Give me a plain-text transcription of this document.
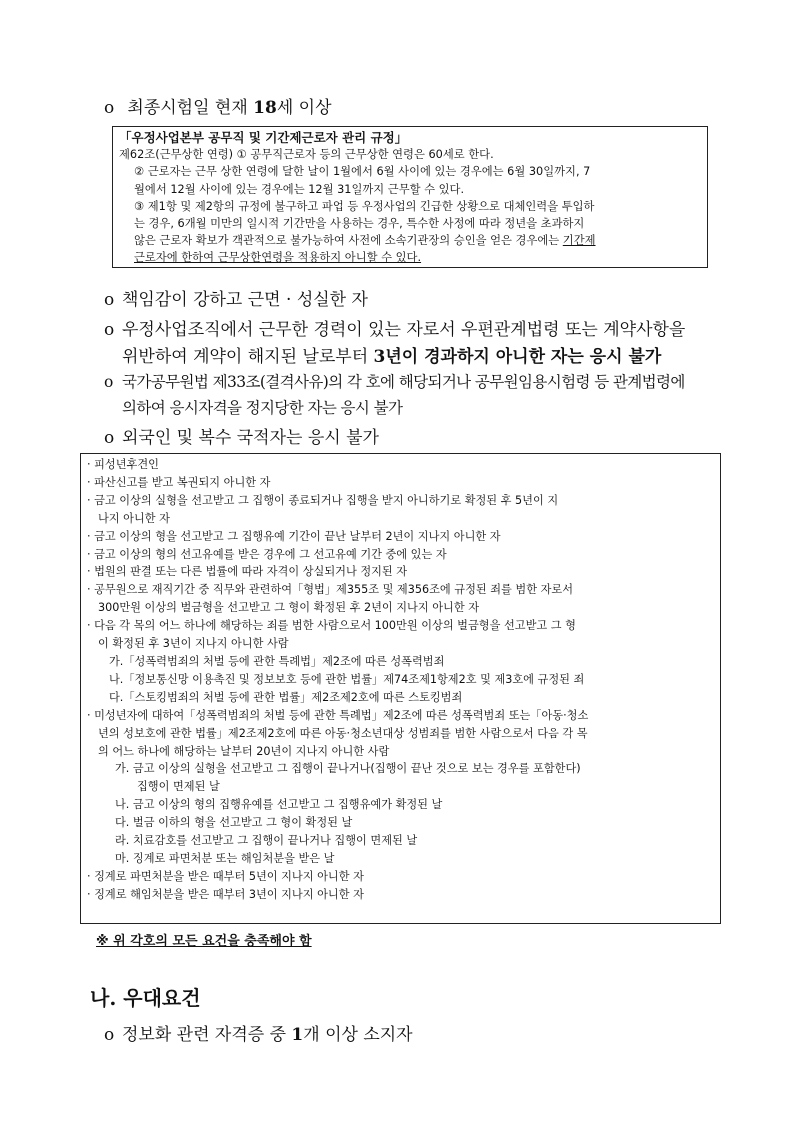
o 최종시험일 현재 18세 이상
「우정사업본부 공무직 및 기간제근로자 관리 규정」
제62조(근무상한 연령) ① 공무직근로자 등의 근무상한 연령은 60세로 한다.
② 근로자는 근무 상한 연령에 달한 날이 1월에서 6월 사이에 있는 경우에는 6월 30일까지, 7
월에서 12월 사이에 있는 경우에는 12월 31일까지 근무할 수 있다.
③ 제1항 및 제2항의 규정에 불구하고 파업 등 우정사업의 긴급한 상황으로 대체인력을 투입하
는 경우, 6개월 미만의 일시적 기간만을 사용하는 경우, 특수한 사정에 따라 정년을 초과하지
않은 근로자 확보가 객관적으로 불가능하여 사전에 소속기관장의 승인을 얻은 경우에는 기간제
근로자에 한하여 근무상한연령을 적용하지 아니할 수 있다.
o 책임감이 강하고 근면 · 성실한 자
o 우정사업조직에서 근무한 경력이 있는 자로서 우편관계법령 또는 계약사항을
위반하여 계약이 해지된 날로부터 3년이 경과하지 아니한 자는 응시 불가
o 국가공무원법 제33조(결격사유)의 각 호에 해당되거나 공무원임용시험령 등 관계법령에
의하여 응시자격을 정지당한 자는 응시 불가
o 외국인 및 복수 국적자는 응시 불가
· 피성년후견인
· 파산신고를 받고 복권되지 아니한 자
· 금고 이상의 실형을 선고받고 그 집행이 종료되거나 집행을 받지 아니하기로 확정된 후 5년이 지
나지 아니한 자
· 금고 이상의 형을 선고받고 그 집행유예 기간이 끝난 날부터 2년이 지나지 아니한 자
· 금고 이상의 형의 선고유예를 받은 경우에 그 선고유예 기간 중에 있는 자
· 법원의 판결 또는 다른 법률에 따라 자격이 상실되거나 정지된 자
· 공무원으로 재직기간 중 직무와 관련하여「형법」제355조 및 제356조에 규정된 죄를 범한 자로서
300만원 이상의 벌금형을 선고받고 그 형이 확정된 후 2년이 지나지 아니한 자
· 다음 각 목의 어느 하나에 해당하는 죄를 범한 사람으로서 100만원 이상의 벌금형을 선고받고 그 형
이 확정된 후 3년이 지나지 아니한 사람
가.「성폭력범죄의 처벌 등에 관한 특례법」제2조에 따른 성폭력범죄
나.「정보통신망 이용촉진 및 정보보호 등에 관한 법률」제74조제1항제2호 및 제3호에 규정된 죄
다.「스토킹범죄의 처벌 등에 관한 법률」제2조제2호에 따른 스토킹범죄
· 미성년자에 대하여「성폭력범죄의 처벌 등에 관한 특례법」제2조에 따른 성폭력범죄 또는「아동·청소
년의 성보호에 관한 법률」제2조제2호에 따른 아동·청소년대상 성범죄를 범한 사람으로서 다음 각 목
의 어느 하나에 해당하는 날부터 20년이 지나지 아니한 사람
가. 금고 이상의 실형을 선고받고 그 집행이 끝나거나(집행이 끝난 것으로 보는 경우를 포함한다)
집행이 면제된 날
나. 금고 이상의 형의 집행유예를 선고받고 그 집행유예가 확정된 날
다. 벌금 이하의 형을 선고받고 그 형이 확정된 날
라. 치료감호를 선고받고 그 집행이 끝나거나 집행이 면제된 날
마. 징계로 파면처분 또는 해임처분을 받은 날
· 징계로 파면처분을 받은 때부터 5년이 지나지 아니한 자
· 징계로 해임처분을 받은 때부터 3년이 지나지 아니한 자
※ 위 각호의 모든 요건을 충족해야 함
나. 우대요건
o 정보화 관련 자격증 중 1개 이상 소지자
